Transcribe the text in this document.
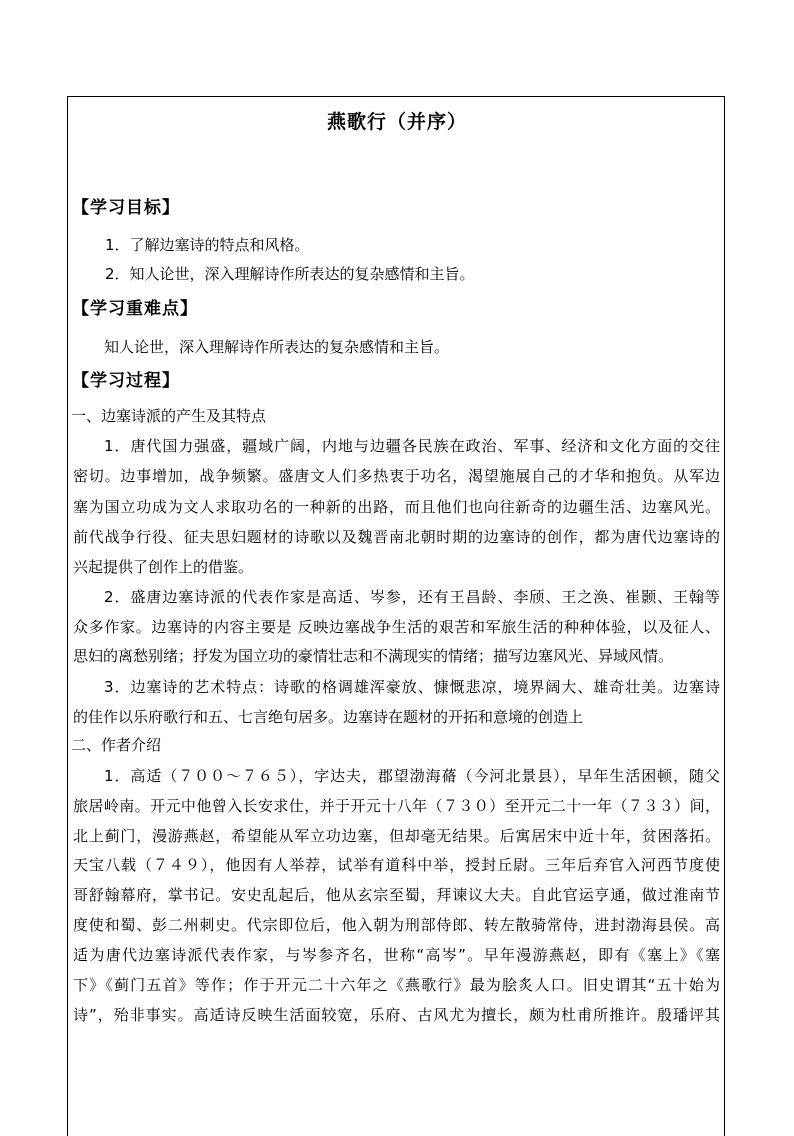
燕歌行（并序）
【学习目标】
1．了解边塞诗的特点和风格。
2．知人论世，深入理解诗作所表达的复杂感情和主旨。
【学习重难点】
知人论世，深入理解诗作所表达的复杂感情和主旨。
【学习过程】
一、边塞诗派的产生及其特点
1．唐代国力强盛，疆域广阔，内地与边疆各民族在政治、军事、经济和文化方面的交往
密切。边事增加，战争频繁。盛唐文人们多热衷于功名，渴望施展自己的才华和抱负。从军边
塞为国立功成为文人求取功名的一种新的出路，而且他们也向往新奇的边疆生活、边塞风光。
前代战争行役、征夫思妇题材的诗歌以及魏晋南北朝时期的边塞诗的创作，都为唐代边塞诗的
兴起提供了创作上的借鉴。
2．盛唐边塞诗派的代表作家是高适、岑参，还有王昌龄、李颀、王之涣、崔颢、王翰等
众多作家。边塞诗的内容主要是 反映边塞战争生活的艰苦和军旅生活的种种体验，以及征人、
思妇的离愁别绪；抒发为国立功的豪情壮志和不满现实的情绪；描写边塞风光、异域风情。
3．边塞诗的艺术特点：诗歌的格调雄浑豪放、慷慨悲凉，境界阔大、雄奇壮美。边塞诗
的佳作以乐府歌行和五、七言绝句居多。边塞诗在题材的开拓和意境的创造上
二、作者介绍
1．高适（７００～７６５），字达夫，郡望渤海蓨（今河北景县），早年生活困顿，随父
旅居岭南。开元中他曾入长安求仕，并于开元十八年（７３０）至开元二十一年（７３３）间，
北上蓟门，漫游燕赵，希望能从军立功边塞，但却毫无结果。后寓居宋中近十年，贫困落拓。
天宝八载（７４９），他因有人举荐，试举有道科中举，授封丘尉。三年后弃官入河西节度使
哥舒翰幕府，掌书记。安史乱起后，他从玄宗至蜀，拜谏议大夫。自此官运亨通，做过淮南节
度使和蜀、彭二州刺史。代宗即位后，他入朝为刑部侍郎、转左散骑常侍，进封渤海县侯。高
适为唐代边塞诗派代表作家，与岑参齐名，世称“高岑”。早年漫游燕赵，即有《塞上》《塞
下》《蓟门五首》等作；作于开元二十六年之《燕歌行》最为脍炙人口。旧史谓其“五十始为
诗”，殆非事实。高适诗反映生活面较宽，乐府、古风尤为擅长，颇为杜甫所推许。殷璠评其
